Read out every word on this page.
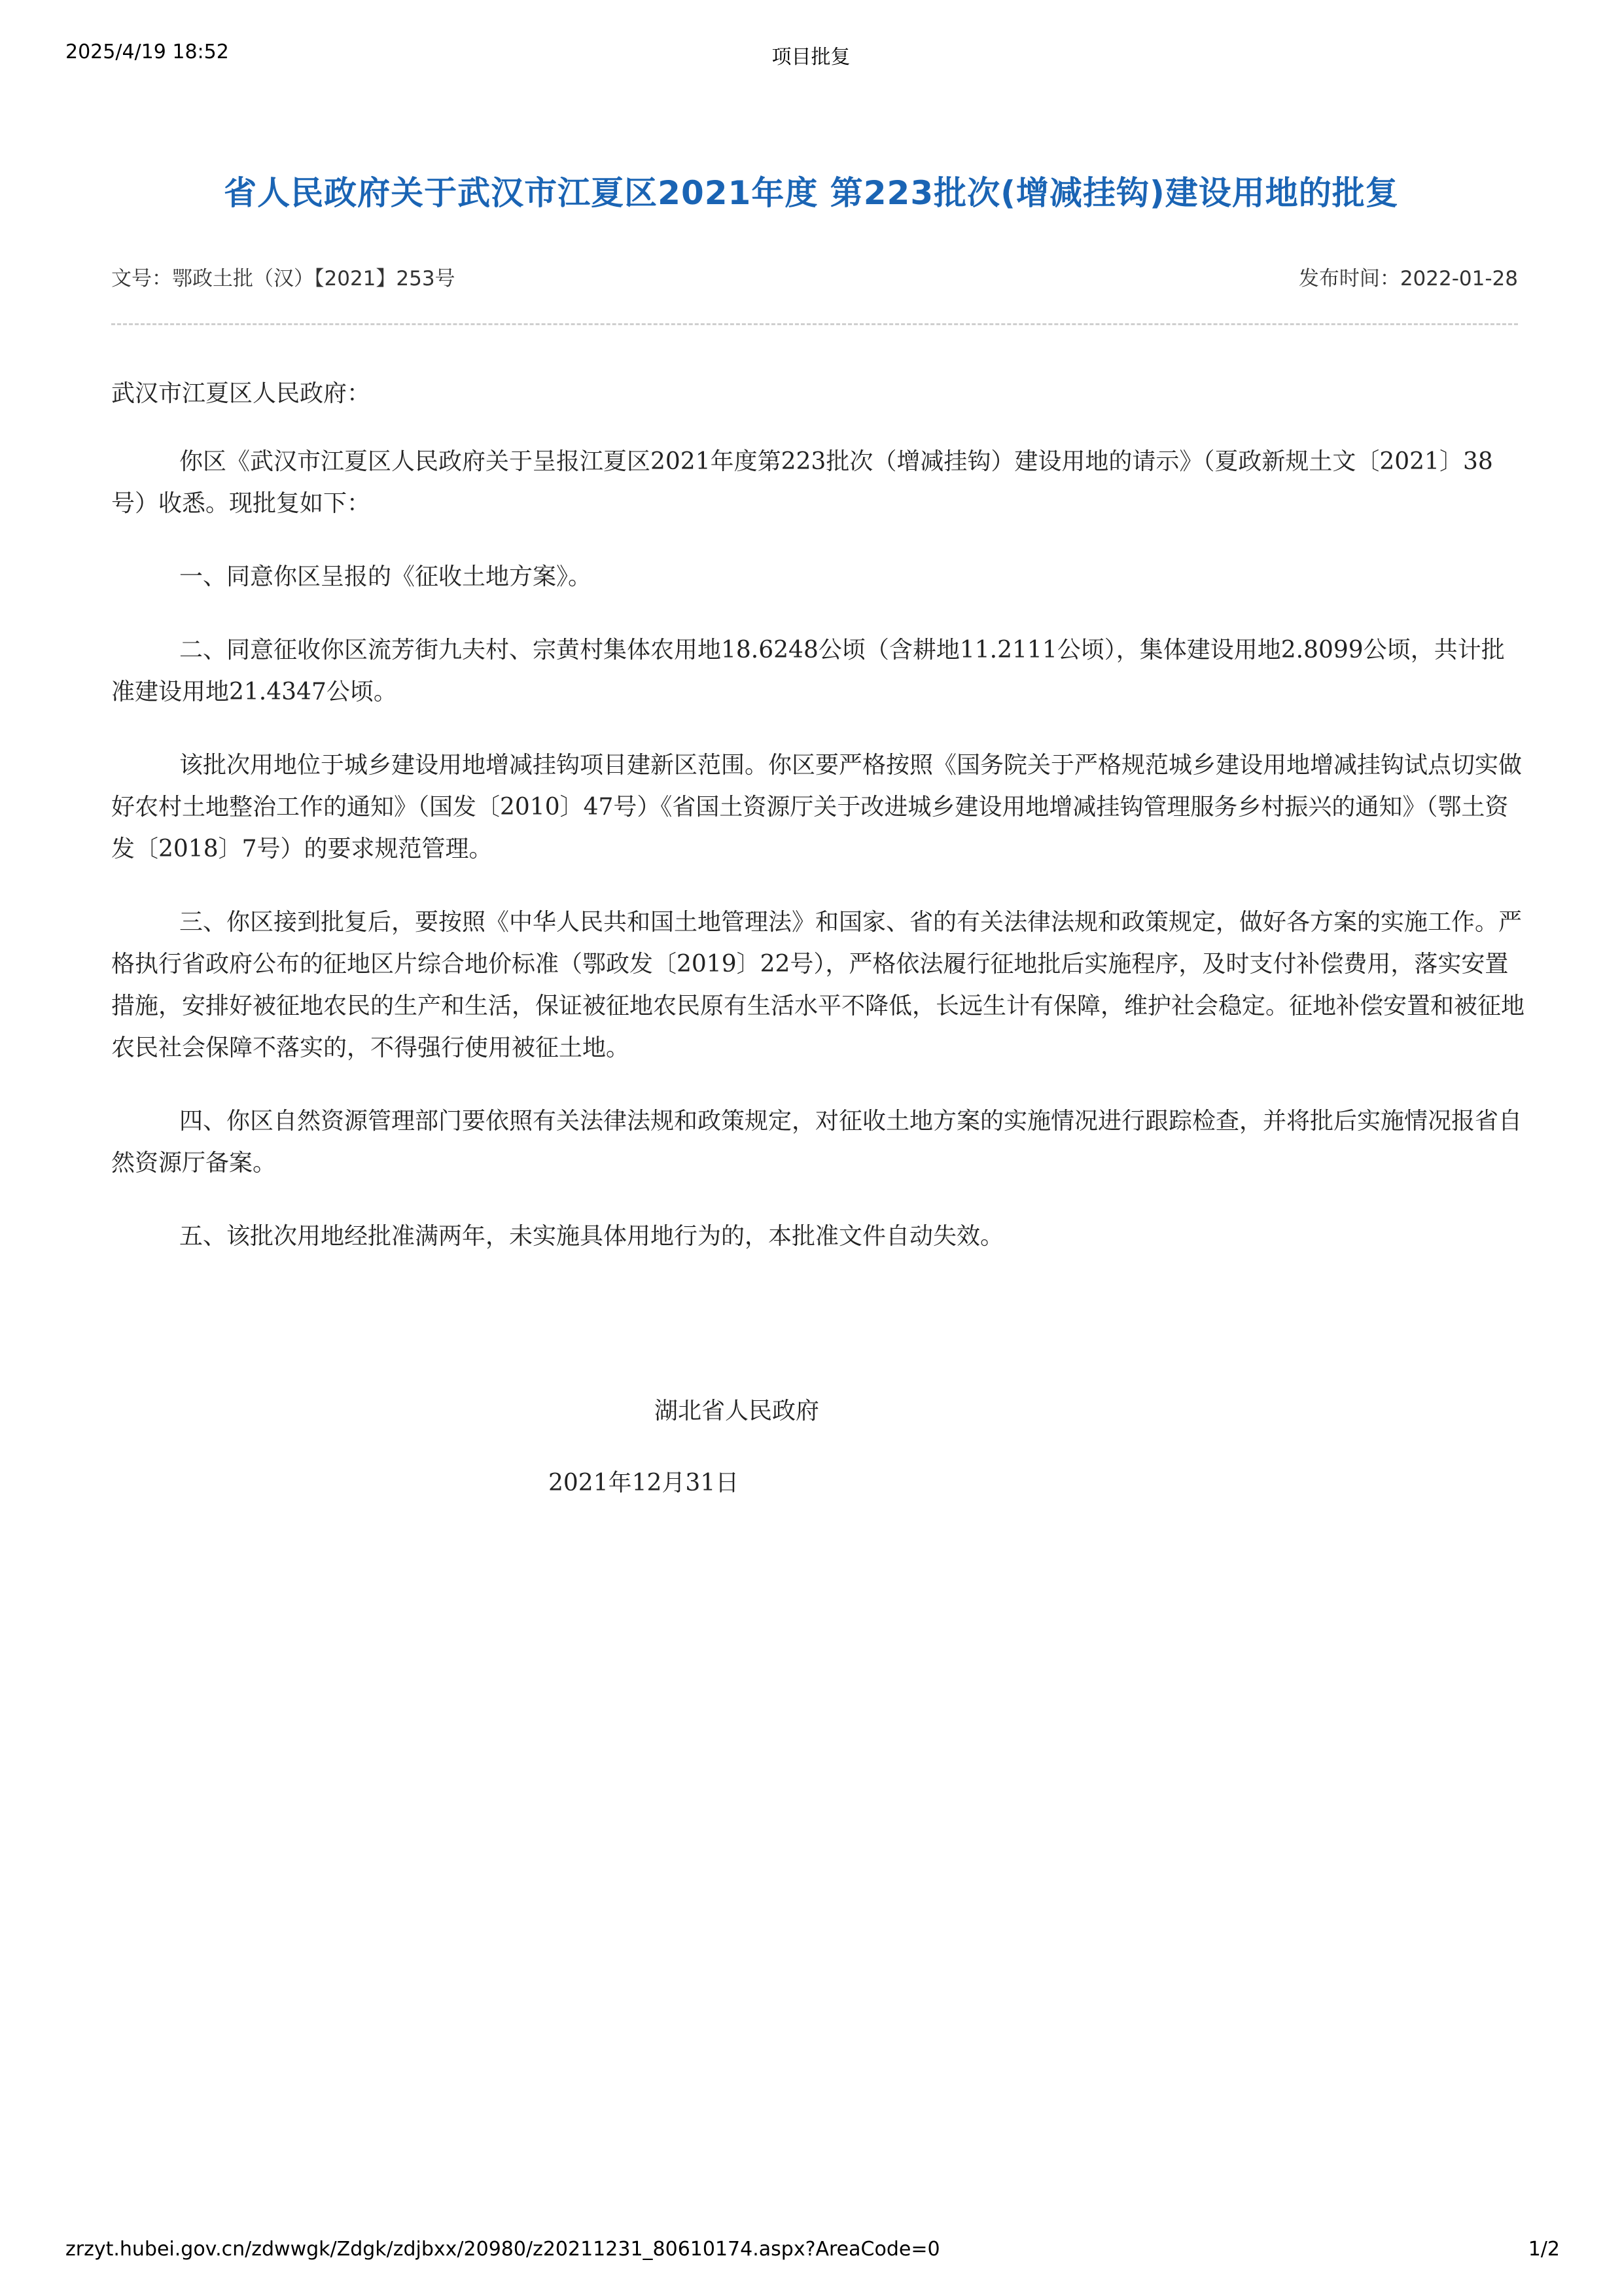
2025/4/19 18:52	项目批复
省人民政府关于武汉市江夏区2021年度 第223批次(增减挂钩)建设用地的批复
文号：鄂政土批（汉）【2021】253号	发布时间：2022-01-28

武汉市江夏区人民政府：

你区《武汉市江夏区人民政府关于呈报江夏区2021年度第223批次（增减挂钩）建设用地的请示》（夏政新规土文〔2021〕38号）收悉。现批复如下：

一、同意你区呈报的《征收土地方案》。

二、同意征收你区流芳街九夫村、宗黄村集体农用地18.6248公顷（含耕地11.2111公顷），集体建设用地2.8099公顷，共计批准建设用地21.4347公顷。

该批次用地位于城乡建设用地增减挂钩项目建新区范围。你区要严格按照《国务院关于严格规范城乡建设用地增减挂钩试点切实做好农村土地整治工作的通知》（国发〔2010〕47号）《省国土资源厅关于改进城乡建设用地增减挂钩管理服务乡村振兴的通知》（鄂土资发〔2018〕7号）的要求规范管理。

三、你区接到批复后，要按照《中华人民共和国土地管理法》和国家、省的有关法律法规和政策规定，做好各方案的实施工作。严格执行省政府公布的征地区片综合地价标准（鄂政发〔2019〕22号），严格依法履行征地批后实施程序，及时支付补偿费用，落实安置措施，安排好被征地农民的生产和生活，保证被征地农民原有生活水平不降低，长远生计有保障，维护社会稳定。征地补偿安置和被征地农民社会保障不落实的，不得强行使用被征土地。

四、你区自然资源管理部门要依照有关法律法规和政策规定，对征收土地方案的实施情况进行跟踪检查，并将批后实施情况报省自然资源厅备案。

五、该批次用地经批准满两年，未实施具体用地行为的，本批准文件自动失效。

湖北省人民政府
2021年12月31日
zrzyt.hubei.gov.cn/zdwwgk/Zdgk/zdjbxx/20980/z20211231_80610174.aspx?AreaCode=0	1/2
